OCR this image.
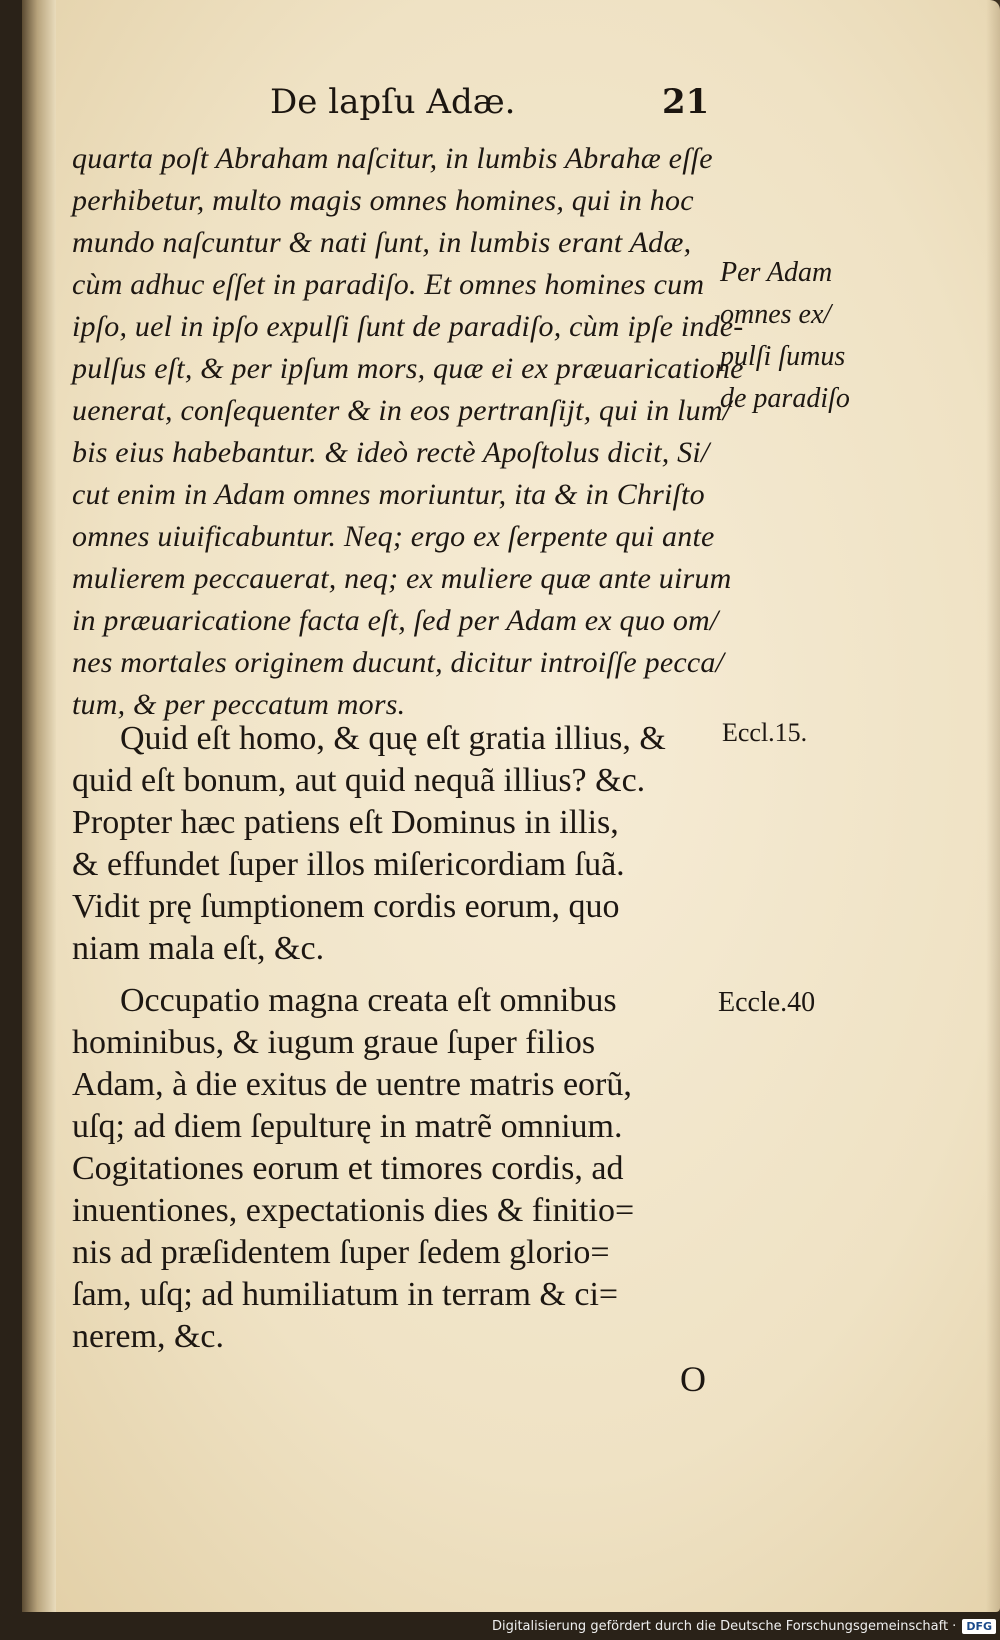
De lapſu Adæ.	21
quarta poſt Abraham naſcitur, in lumbis Abrahæ eſſe
perhibetur, multo magis omnes homines, qui in hoc
mundo naſcuntur & nati ſunt, in lumbis erant Adæ,
cùm adhuc eſſet in paradiſo. Et omnes homines cum
ipſo, uel in ipſo expulſi ſunt de paradiſo, cùm ipſe inde-
pulſus eſt, & per ipſum mors, quæ ei ex præuaricatione
uenerat, conſequenter & in eos pertranſijt, qui in lum/
bis eius habebantur. & ideò rectè Apoſtolus dicit, Si/
cut enim in Adam omnes moriuntur, ita & in Chriſto
omnes uiuificabuntur. Neq; ergo ex ſerpente qui ante
mulierem peccauerat, neq; ex muliere quæ ante uirum
in præuaricatione facta eſt, ſed per Adam ex quo om/
nes mortales originem ducunt, dicitur introiſſe pecca/
tum, & per peccatum mors.
Quid eſt homo, & quę eſt gratia illius, &
quid eſt bonum, aut quid nequã illius? &c.
Propter hæc patiens eſt Dominus in illis,
& effundet ſuper illos miſericordiam ſuã.
Vidit prę ſumptionem cordis eorum, quo
niam mala eſt, &c.
Occupatio magna creata eſt omnibus
hominibus, & iugum graue ſuper filios
Adam, à die exitus de uentre matris eorũ,
uſq; ad diem ſepulturę in matrẽ omnium.
Cogitationes eorum et timores cordis, ad
inuentiones, expectationis dies & finitio=
nis ad præſidentem ſuper ſedem glorio=
ſam, uſq; ad humiliatum in terram & ci=
nerem, &c.
Per Adam
omnes ex/
pulſi ſumus
de paradiſo
Eccl.15.
Eccle.40
O
Digitalisierung gefördert durch die Deutsche Forschungsgemeinschaft · DFG
